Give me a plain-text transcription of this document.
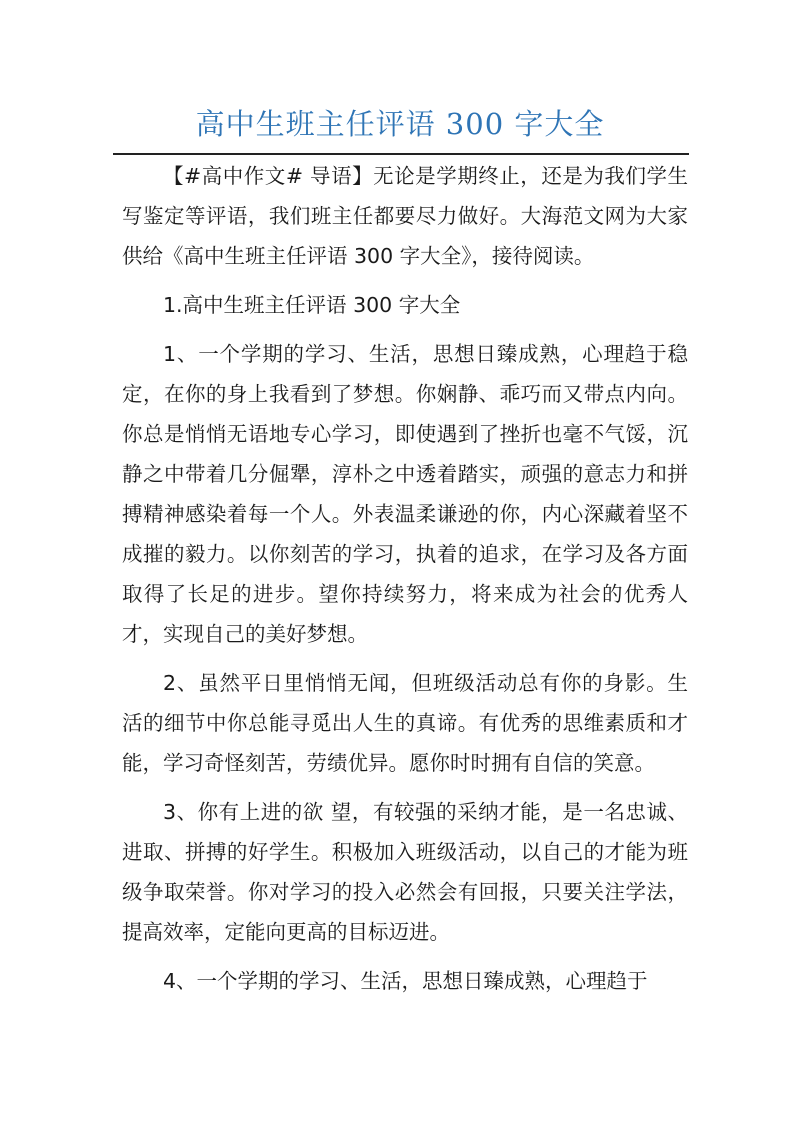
高中生班主任评语 300 字大全

【#高中作文# 导语】无论是学期终止，还是为我们学生写鉴定等评语，我们班主任都要尽力做好。大海范文网为大家供给《高中生班主任评语 300 字大全》，接待阅读。

1.高中生班主任评语 300 字大全

1、一个学期的学习、生活，思想日臻成熟，心理趋于稳定，在你的身上我看到了梦想。你娴静、乖巧而又带点内向。你总是悄悄无语地专心学习，即使遇到了挫折也毫不气馁，沉静之中带着几分倔犟，淳朴之中透着踏实，顽强的意志力和拼搏精神感染着每一个人。外表温柔谦逊的你，内心深藏着坚不成摧的毅力。以你刻苦的学习，执着的追求，在学习及各方面取得了长足的进步。望你持续努力，将来成为社会的优秀人才，实现自己的美好梦想。

2、虽然平日里悄悄无闻，但班级活动总有你的身影。生活的细节中你总能寻觅出人生的真谛。有优秀的思维素质和才能，学习奇怪刻苦，劳绩优异。愿你时时拥有自信的笑意。

3、你有上进的欲 望，有较强的采纳才能，是一名忠诚、进取、拼搏的好学生。积极加入班级活动，以自己的才能为班级争取荣誉。你对学习的投入必然会有回报，只要关注学法，提高效率，定能向更高的目标迈进。

4、一个学期的学习、生活，思想日臻成熟，心理趋于
